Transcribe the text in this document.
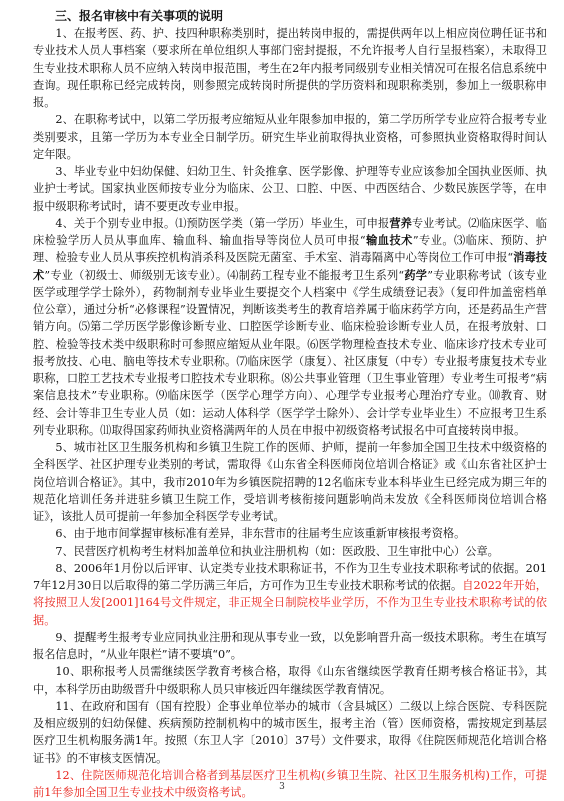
三、报名审核中有关事项的说明

1、在报考医、药、护、技四种职称类别时，提出转岗申报的，需提供两年以上相应岗位聘任证书和专业技术人员人事档案（要求所在单位组织人事部门密封提报，不允许报考人自行呈报档案），未取得卫生专业技术职称人员不应纳入转岗申报范围，考生在2年内报考同级别专业相关情况可在报名信息系统中查询。现任职称已经完成转岗，则参照完成转岗时所提供的学历资料和现职称类别，参加上一级职称申报。

2、在职称考试中，以第二学历报考应缩短从业年限参加申报的，第二学历所学专业应符合报考专业类别要求，且第一学历为本专业全日制学历。研究生毕业前取得执业资格，可参照执业资格取得时间认定年限。

3、毕业专业中妇幼保健、妇幼卫生、针灸推拿、医学影像、护理等专业应该参加全国执业医师、执业护士考试。国家执业医师按专业分为临床、公卫、口腔、中医、中西医结合、少数民族医学等，在申报中级职称考试时，请不要更改专业申报。

4、关于个别专业申报。⑴预防医学类（第一学历）毕业生，可申报营养专业考试。⑵临床医学、临床检验学历人员从事血库、输血科、输血指导等岗位人员可申报“输血技术”专业。⑶临床、预防、护理、检验专业人员从事疾控机构消杀科及医院无菌室、手术室、消毒隔离中心等岗位工作可申报“消毒技术”专业（初级士、师级别无该专业）。⑷制药工程专业不能报考卫生系列“药学”专业职称考试（该专业医学或理学学士除外），药物制剂专业毕业生要提交个人档案中《学生成绩登记表》（复印件加盖密档单位公章），通过分析“必修课程”设置情况，判断该类考生的教育培养属于临床药学方向，还是药品生产营销方向。⑸第二学历医学影像诊断专业、口腔医学诊断专业、临床检验诊断专业人员，在报考放射、口腔、检验等技术类中级职称时可参照应缩短从业年限。⑹医学物理检查技术专业、临床诊疗技术专业可报考放技、心电、脑电等技术专业职称。⑺临床医学（康复）、社区康复（中专）专业报考康复技术专业职称，口腔工艺技术专业报考口腔技术专业职称。⑻公共事业管理（卫生事业管理）专业考生可报考“病案信息技术”专业职称。⑼临床医学（医学心理学方向）、心理学专业报考心理治疗专业。⑽教育、财经、会计等非卫生专业人员（如：运动人体科学（医学学士除外）、会计学专业毕业生）不应报考卫生系列专业职称。⑾取得国家药师执业资格满两年的人员在申报中初级资格考试报名中可直接转岗申报。

5、城市社区卫生服务机构和乡镇卫生院工作的医师、护师，提前一年参加全国卫生技术中级资格的全科医学、社区护理专业类别的考试，需取得《山东省全科医师岗位培训合格证》或《山东省社区护士岗位培训合格证》。其中，我市2010年为乡镇医院招聘的12名临床专业本科毕业生已经完成为期三年的规范化培训任务并进驻乡镇卫生院工作，受培训考核衔接问题影响尚未发放《全科医师岗位培训合格证》，该批人员可提前一年参加全科医学专业考试。

6、由于地市间掌握审核标准有差异，非东营市的往届考生应该重新审核报考资格。

7、民营医疗机构考生材料加盖单位和执业注册机构（如：医政股、卫生审批中心）公章。

8、2006年1月份以后评审、认定类专业技术职称证书，不作为卫生专业技术职称考试的依据。2017年12月30日以后取得的第二学历满三年后，方可作为卫生专业技术职称考试的依据。自2022年开始，将按照卫人发[2001]164号文件规定，非正规全日制院校毕业学历，不作为卫生专业技术职称考试的依据。

9、提醒考生报考专业应同执业注册和现从事专业一致，以免影响晋升高一级技术职称。考生在填写报名信息时，“从业年限栏”请不要填“0”。

10、职称报考人员需继续医学教育考核合格，取得《山东省继续医学教育任期考核合格证书》，其中，本科学历由助级晋升中级职称人员只审核近四年继续医学教育情况。

11、在政府和国有（国有控股）企事业单位举办的城市（含县城区）二级以上综合医院、专科医院及相应级别的妇幼保健、疾病预防控制机构中的城市医生，报考主治（管）医师资格，需按规定到基层医疗卫生机构服务满1年。按照（东卫人字〔2010〕37号）文件要求，取得《住院医师规范化培训合格证书》的不审核支医情况。

12、住院医师规范化培训合格者到基层医疗卫生机构(乡镇卫生院、社区卫生服务机构)工作，可提前1年参加全国卫生专业技术中级资格考试。	3
